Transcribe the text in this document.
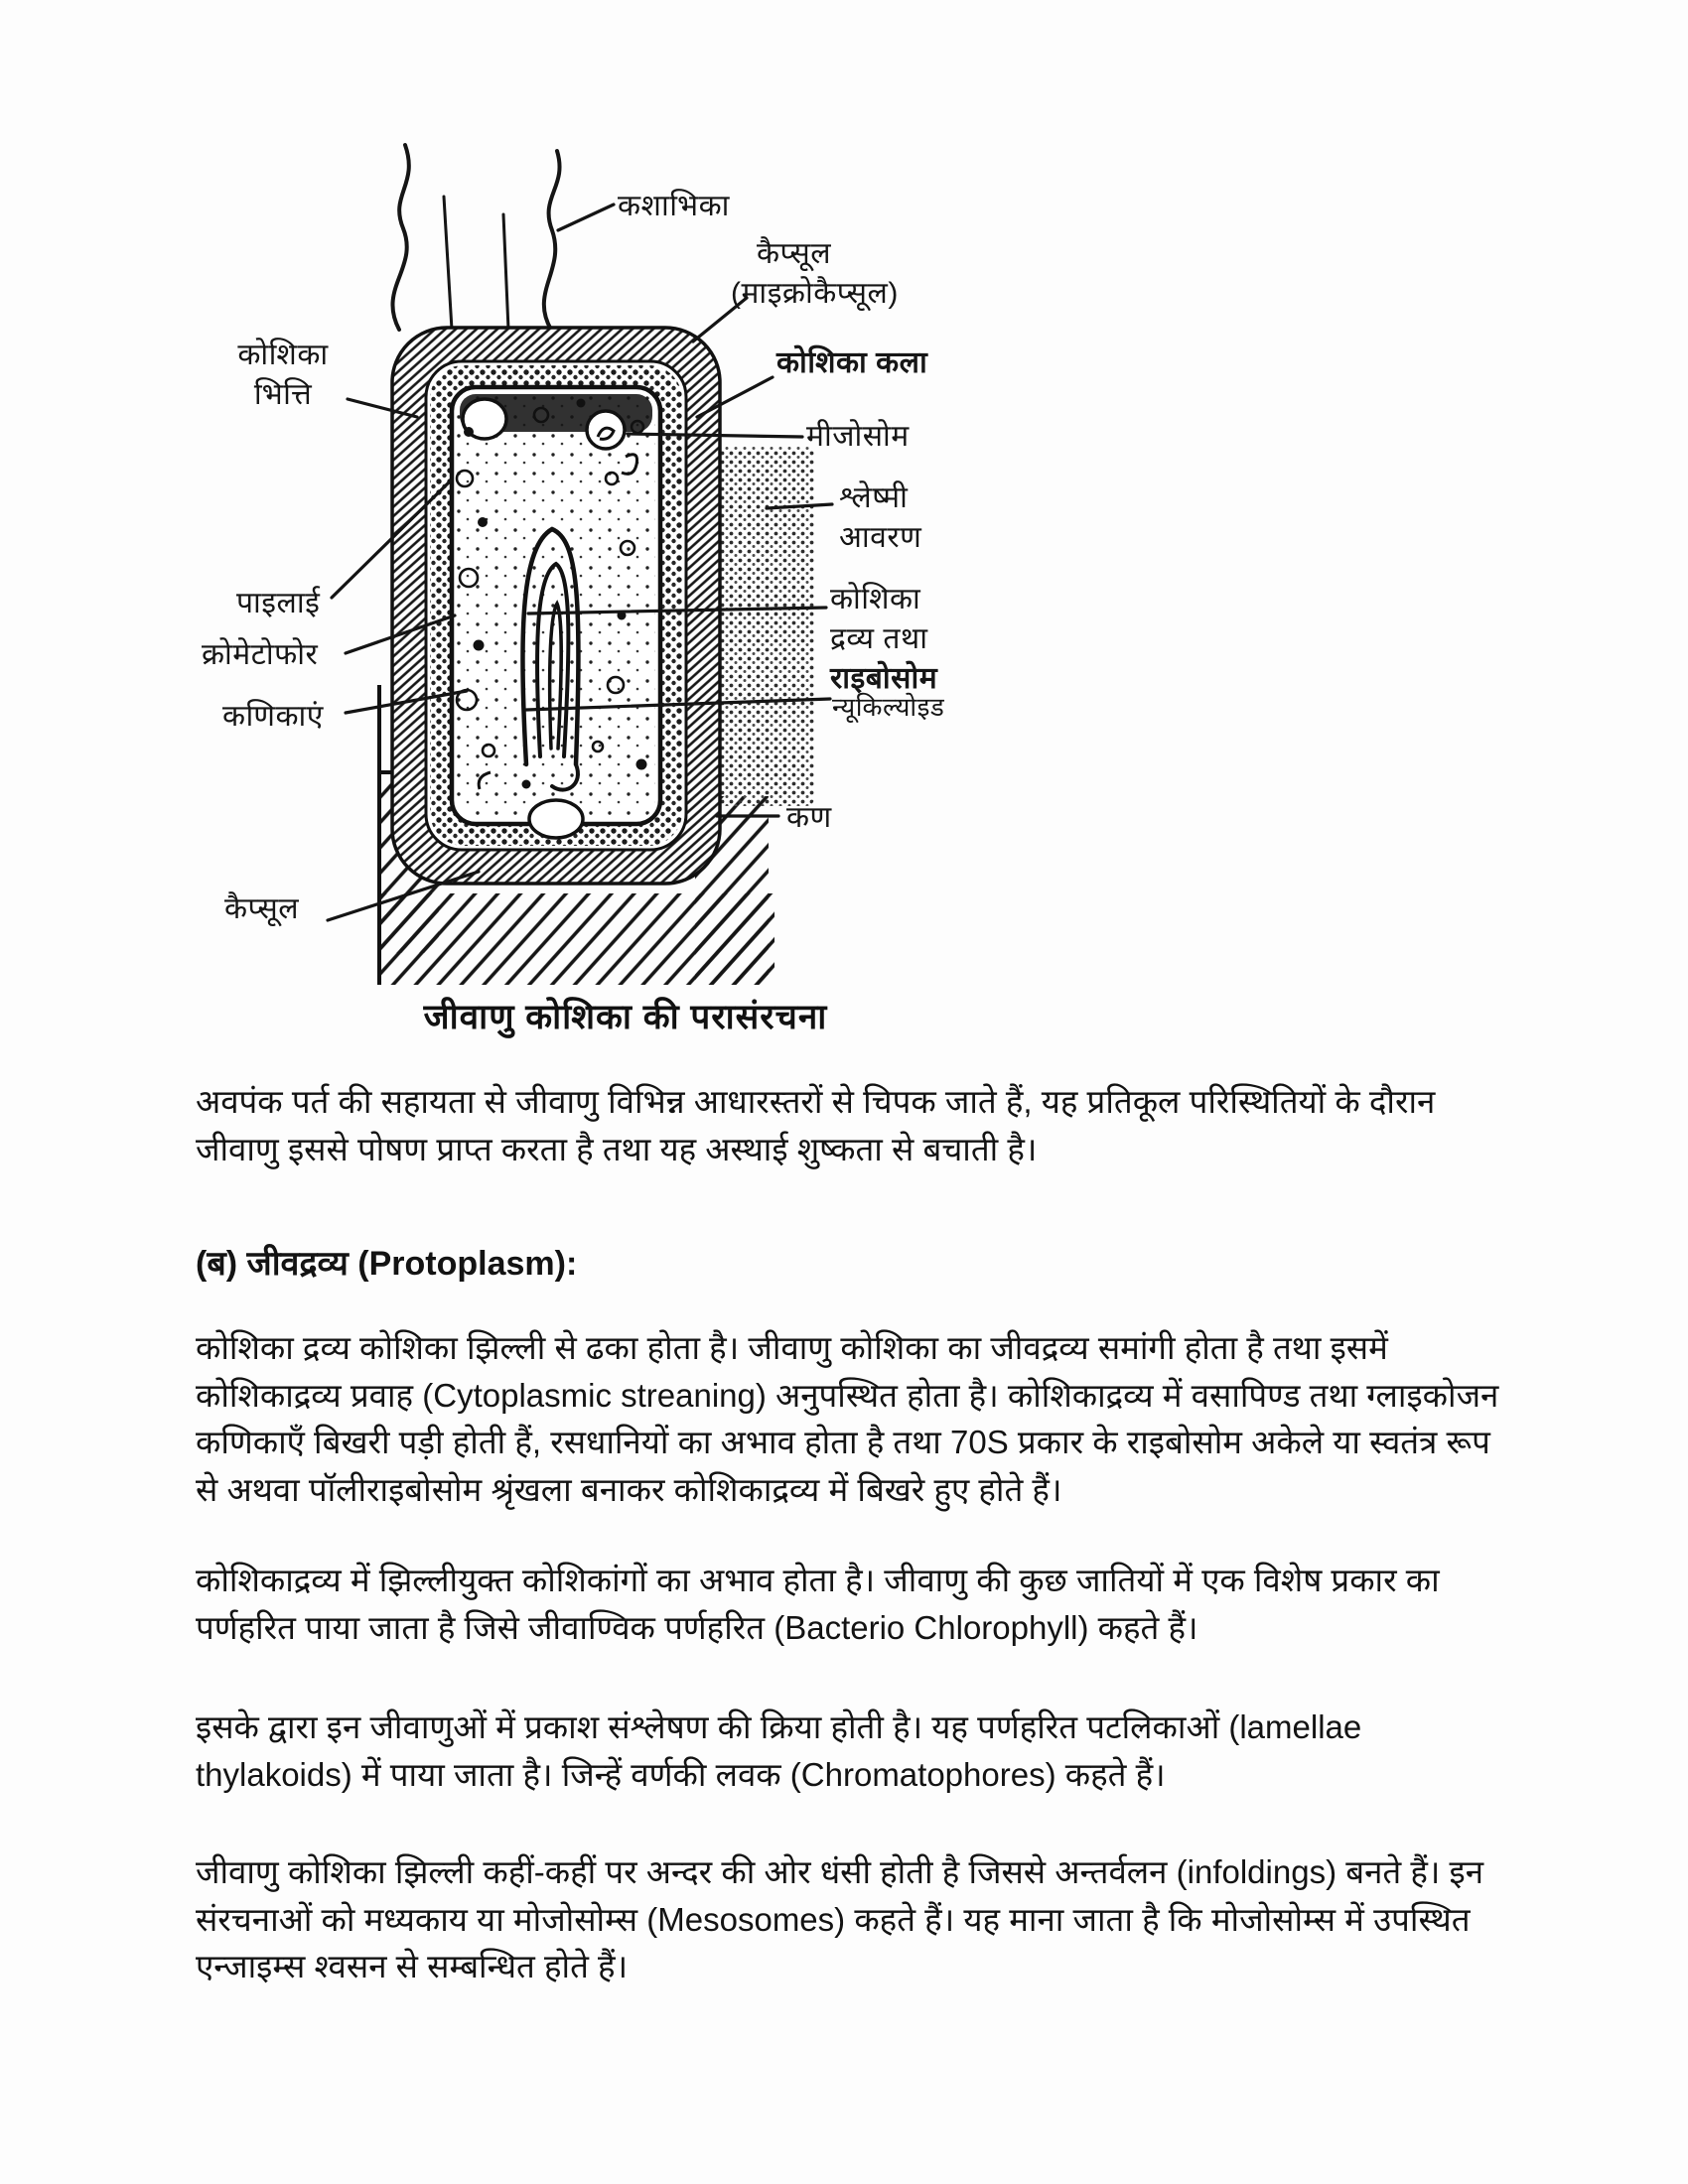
कशाभिका
कैप्सूल
(माइक्रोकैप्सूल)
कोशिका कला
मीजोसोम
श्लेष्मी
आवरण
कोशिका
द्रव्य तथा
राइबोसोम
न्यूकिल्योइड
कण
कोशिका
भित्ति
पाइलाई
क्रोमेटोफोर
कणिकाएं
कैप्सूल
जीवाणु कोशिका की परासंरचना
अवपंक पर्त की सहायता से जीवाणु विभिन्न आधारस्तरों से चिपक जाते हैं, यह प्रतिकूल परिस्थितियों के दौरान जीवाणु इससे पोषण प्राप्त करता है तथा यह अस्थाई शुष्कता से बचाती है।
(ब) जीवद्रव्य (Protoplasm):
कोशिका द्रव्य कोशिका झिल्ली से ढका होता है। जीवाणु कोशिका का जीवद्रव्य समांगी होता है तथा इसमें कोशिकाद्रव्य प्रवाह (Cytoplasmic streaning) अनुपस्थित होता है। कोशिकाद्रव्य में वसापिण्ड तथा ग्लाइकोजन कणिकाएँ बिखरी पड़ी होती हैं, रसधानियों का अभाव होता है तथा 70S प्रकार के राइबोसोम अकेले या स्वतंत्र रूप से अथवा पॉलीराइबोसोम श्रृंखला बनाकर कोशिकाद्रव्य में बिखरे हुए होते हैं।
कोशिकाद्रव्य में झिल्लीयुक्त कोशिकांगों का अभाव होता है। जीवाणु की कुछ जातियों में एक विशेष प्रकार का पर्णहरित पाया जाता है जिसे जीवाण्विक पर्णहरित (Bacterio Chlorophyll) कहते हैं।
इसके द्वारा इन जीवाणुओं में प्रकाश संश्लेषण की क्रिया होती है। यह पर्णहरित पटलिकाओं (lamellae thylakoids) में पाया जाता है। जिन्हें वर्णकी लवक (Chromatophores) कहते हैं।
जीवाणु कोशिका झिल्ली कहीं-कहीं पर अन्दर की ओर धंसी होती है जिससे अन्तर्वलन (infoldings) बनते हैं। इन संरचनाओं को मध्यकाय या मोजोसोम्स (Mesosomes) कहते हैं। यह माना जाता है कि मोजोसोम्स में उपस्थित एन्जाइम्स श्वसन से सम्बन्धित होते हैं।
